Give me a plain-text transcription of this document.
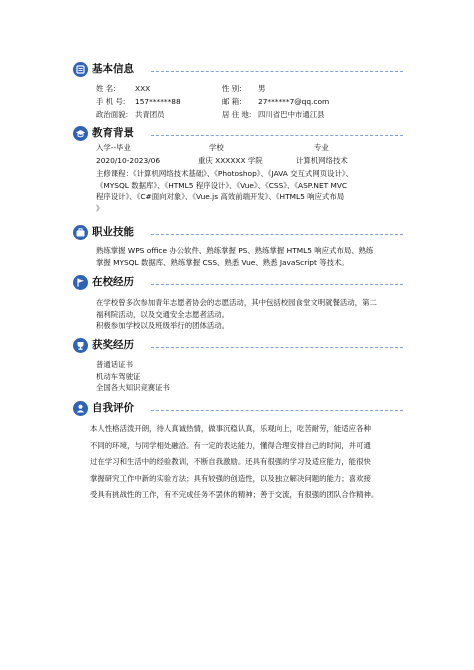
基本信息
姓 名:	XXX	性 别: 男
手 机 号: 157******88	邮 箱: 27******7@qq.com
政治面貌: 共青团员	居 住 地: 四川省巴中市通江县
教育背景
入学--毕业	学校	专业
2020/10-2023/06	重庆 XXXXXX 学院	计算机网络技术
主修课程：《计算机网络技术基础》、《Photoshop》、《JAVA 交互式网页设计》、
《MYSQL 数据库》、《HTML5 程序设计》、《Vue》、《CSS》、《ASP.NET MVC
程序设计》、《C#面向对象》、《Vue.js 高效前端开发》、《HTML5 响应式布局
》
职业技能
熟练掌握 WPS office 办公软件、熟练掌握 PS、熟练掌握 HTML5 响应式布局、熟练
掌握 MYSQL 数据库、熟练掌握 CSS、熟悉 Vue、熟悉 JavaScript 等技术。
在校经历
在学校曾多次参加青年志愿者协会的志愿活动，其中包括校园食堂文明就餐活动，第二
福利院活动，以及交通安全志愿者活动。
积极参加学校以及班级举行的团体活动。
获奖经历
普通话证书
机动车驾驶证
全国各大知识竞赛证书
自我评价
本人性格活泼开朗，待人真诚热情，做事沉稳认真，乐观向上，吃苦耐劳，能适应各种
不同的环境，与同学相处融洽。有一定的表达能力，懂得合理安排自己的时间，并可通
过在学习和生活中的经验教训，不断自我激励。还具有很强的学习及适应能力，能很快
掌握研究工作中新的实验方法；具有较强的创造性，以及独立解决问题的能力；喜欢接
受具有挑战性的工作，有不完成任务不罢休的精神；善于交流，有很强的团队合作精神。
